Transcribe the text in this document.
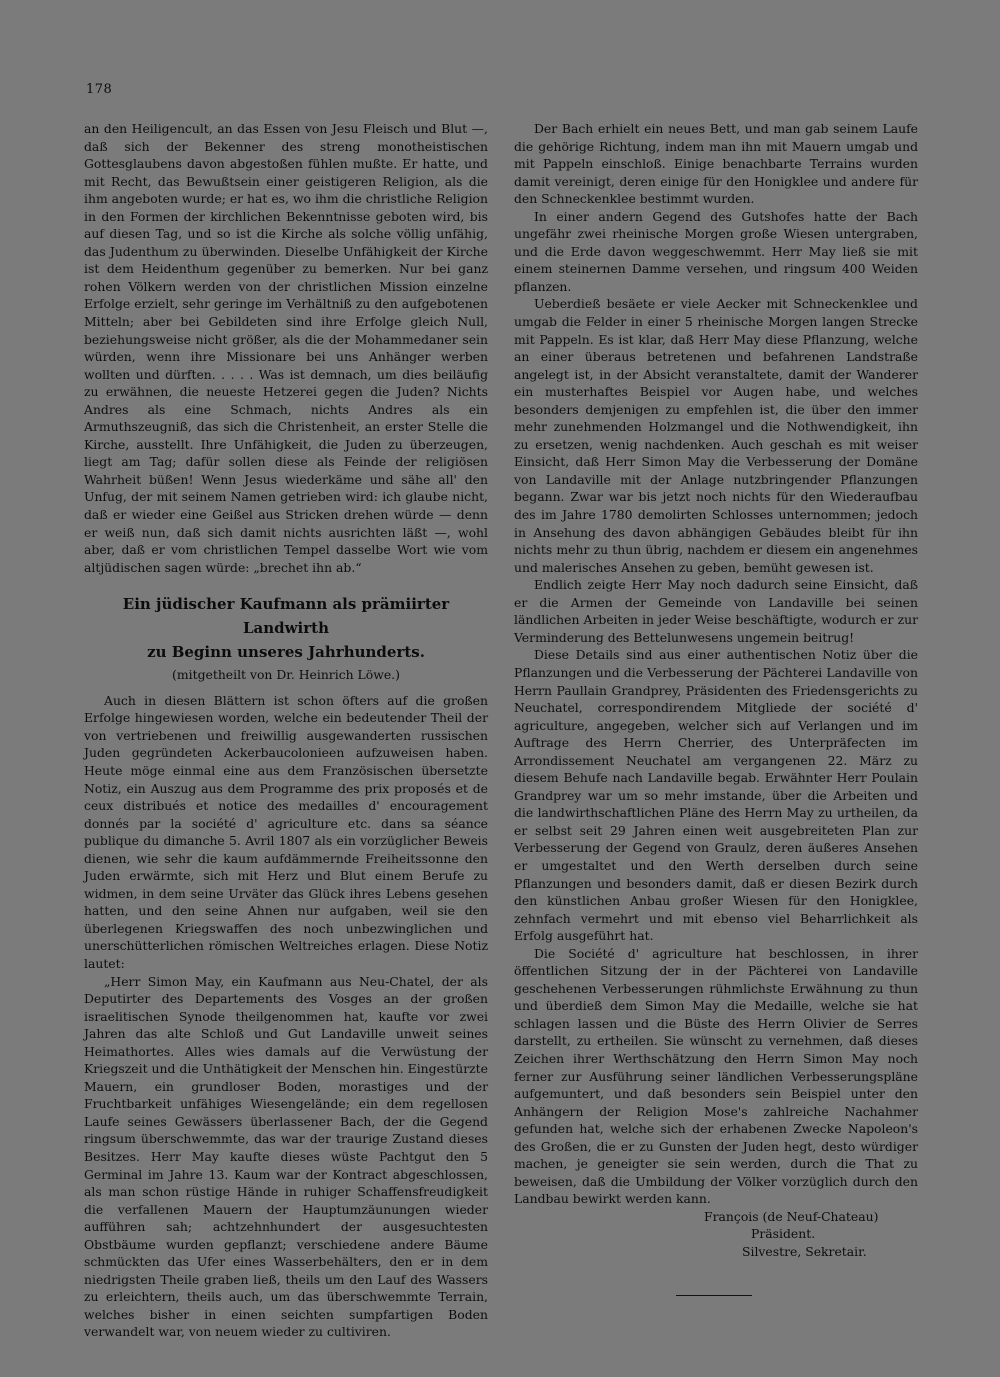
178

an den Heiligencult, an das Essen von Jesu Fleisch und Blut —, daß sich der Bekenner des streng monotheistischen Gottesglaubens davon abgestoßen fühlen mußte. Er hatte, und mit Recht, das Bewußtsein einer geistigeren Religion, als die ihm angeboten wurde; er hat es, wo ihm die christliche Religion in den Formen der kirchlichen Bekenntnisse geboten wird, bis auf diesen Tag, und so ist die Kirche als solche völlig unfähig, das Judenthum zu überwinden. Dieselbe Unfähigkeit der Kirche ist dem Heidenthum gegenüber zu bemerken. Nur bei ganz rohen Völkern werden von der christlichen Mission einzelne Erfolge erzielt, sehr geringe im Verhältniß zu den aufgebotenen Mitteln; aber bei Gebildeten sind ihre Erfolge gleich Null, beziehungsweise nicht größer, als die der Mohammedaner sein würden, wenn ihre Missionare bei uns Anhänger werben wollten und dürften. . . . . Was ist demnach, um dies beiläufig zu erwähnen, die neueste Hetzerei gegen die Juden? Nichts Andres als eine Schmach, nichts Andres als ein Armuthszeugniß, das sich die Christenheit, an erster Stelle die Kirche, ausstellt. Ihre Unfähigkeit, die Juden zu überzeugen, liegt am Tag; dafür sollen diese als Feinde der religiösen Wahrheit büßen! Wenn Jesus wiederkäme und sähe all' den Unfug, der mit seinem Namen getrieben wird: ich glaube nicht, daß er wieder eine Geißel aus Stricken drehen würde — denn er weiß nun, daß sich damit nichts ausrichten läßt —, wohl aber, daß er vom christlichen Tempel dasselbe Wort wie vom altjüdischen sagen würde: „brechet ihn ab.“

Ein jüdischer Kaufmann als prämiirter Landwirth
zu Beginn unseres Jahrhunderts.
(mitgetheilt von Dr. Heinrich Löwe.)

Auch in diesen Blättern ist schon öfters auf die großen Erfolge hingewiesen worden, welche ein bedeutender Theil der von vertriebenen und freiwillig ausgewanderten russischen Juden gegründeten Ackerbaucolonieen aufzuweisen haben. Heute möge einmal eine aus dem Französischen übersetzte Notiz, ein Auszug aus dem Programme des prix proposés et de ceux distribués et notice des medailles d' encouragement donnés par la société d' agriculture etc. dans sa séance publique du dimanche 5. Avril 1807 als ein vorzüglicher Beweis dienen, wie sehr die kaum aufdämmernde Freiheitssonne den Juden erwärmte, sich mit Herz und Blut einem Berufe zu widmen, in dem seine Urväter das Glück ihres Lebens gesehen hatten, und den seine Ahnen nur aufgaben, weil sie den überlegenen Kriegswaffen des noch unbezwinglichen und unerschütterlichen römischen Weltreiches erlagen. Diese Notiz lautet:

„Herr Simon May, ein Kaufmann aus Neu-Chatel, der als Deputirter des Departements des Vosges an der großen israelitischen Synode theilgenommen hat, kaufte vor zwei Jahren das alte Schloß und Gut Landaville unweit seines Heimathortes. Alles wies damals auf die Verwüstung der Kriegszeit und die Unthätigkeit der Menschen hin. Eingestürzte Mauern, ein grundloser Boden, morastiges und der Fruchtbarkeit unfähiges Wiesengelände; ein dem regellosen Laufe seines Gewässers überlassener Bach, der die Gegend ringsum überschwemmte, das war der traurige Zustand dieses Besitzes. Herr May kaufte dieses wüste Pachtgut den 5 Germinal im Jahre 13. Kaum war der Kontract abgeschlossen, als man schon rüstige Hände in ruhiger Schaffensfreudigkeit die verfallenen Mauern der Hauptumzäunungen wieder aufführen sah; achtzehnhundert der ausgesuchtesten Obstbäume wurden gepflanzt; verschiedene andere Bäume schmückten das Ufer eines Wasserbehälters, den er in dem niedrigsten Theile graben ließ, theils um den Lauf des Wassers zu erleichtern, theils auch, um das überschwemmte Terrain, welches bisher in einen seichten sumpfartigen Boden verwandelt war, von neuem wieder zu cultiviren.

Der Bach erhielt ein neues Bett, und man gab seinem Laufe die gehörige Richtung, indem man ihn mit Mauern umgab und mit Pappeln einschloß. Einige benachbarte Terrains wurden damit vereinigt, deren einige für den Honigklee und andere für den Schneckenklee bestimmt wurden.

In einer andern Gegend des Gutshofes hatte der Bach ungefähr zwei rheinische Morgen große Wiesen untergraben, und die Erde davon weggeschwemmt. Herr May ließ sie mit einem steinernen Damme versehen, und ringsum 400 Weiden pflanzen.

Ueberdieß besäete er viele Aecker mit Schneckenklee und umgab die Felder in einer 5 rheinische Morgen langen Strecke mit Pappeln. Es ist klar, daß Herr May diese Pflanzung, welche an einer überaus betretenen und befahrenen Landstraße angelegt ist, in der Absicht veranstaltete, damit der Wanderer ein musterhaftes Beispiel vor Augen habe, und welches besonders demjenigen zu empfehlen ist, die über den immer mehr zunehmenden Holzmangel und die Nothwendigkeit, ihn zu ersetzen, wenig nachdenken. Auch geschah es mit weiser Einsicht, daß Herr Simon May die Verbesserung der Domäne von Landaville mit der Anlage nutzbringender Pflanzungen begann. Zwar war bis jetzt noch nichts für den Wiederaufbau des im Jahre 1780 demolirten Schlosses unternommen; jedoch in Ansehung des davon abhängigen Gebäudes bleibt für ihn nichts mehr zu thun übrig, nachdem er diesem ein angenehmes und malerisches Ansehen zu geben, bemüht gewesen ist.

Endlich zeigte Herr May noch dadurch seine Einsicht, daß er die Armen der Gemeinde von Landaville bei seinen ländlichen Arbeiten in jeder Weise beschäftigte, wodurch er zur Verminderung des Bettelunwesens ungemein beitrug!

Diese Details sind aus einer authentischen Notiz über die Pflanzungen und die Verbesserung der Pächterei Landaville von Herrn Paullain Grandprey, Präsidenten des Friedensgerichts zu Neuchatel, correspondirendem Mitgliede der société d' agriculture, angegeben, welcher sich auf Verlangen und im Auftrage des Herrn Cherrier, des Unterpräfecten im Arrondissement Neuchatel am vergangenen 22. März zu diesem Behufe nach Landaville begab. Erwähnter Herr Poulain Grandprey war um so mehr imstande, über die Arbeiten und die landwirthschaftlichen Pläne des Herrn May zu urtheilen, da er selbst seit 29 Jahren einen weit ausgebreiteten Plan zur Verbesserung der Gegend von Graulz, deren äußeres Ansehen er umgestaltet und den Werth derselben durch seine Pflanzungen und besonders damit, daß er diesen Bezirk durch den künstlichen Anbau großer Wiesen für den Honigklee, zehnfach vermehrt und mit ebenso viel Beharrlichkeit als Erfolg ausgeführt hat.

Die Société d' agriculture hat beschlossen, in ihrer öffentlichen Sitzung der in der Pächterei von Landaville geschehenen Verbesserungen rühmlichste Erwähnung zu thun und überdieß dem Simon May die Medaille, welche sie hat schlagen lassen und die Büste des Herrn Olivier de Serres darstellt, zu ertheilen. Sie wünscht zu vernehmen, daß dieses Zeichen ihrer Werthschätzung den Herrn Simon May noch ferner zur Ausführung seiner ländlichen Verbesserungspläne aufgemuntert, und daß besonders sein Beispiel unter den Anhängern der Religion Mose's zahlreiche Nachahmer gefunden hat, welche sich der erhabenen Zwecke Napoleon's des Großen, die er zu Gunsten der Juden hegt, desto würdiger machen, je geneigter sie sein werden, durch die That zu beweisen, daß die Umbildung der Völker vorzüglich durch den Landbau bewirkt werden kann.

François (de Neuf-Chateau)
Präsident.
Silvestre, Sekretair.
